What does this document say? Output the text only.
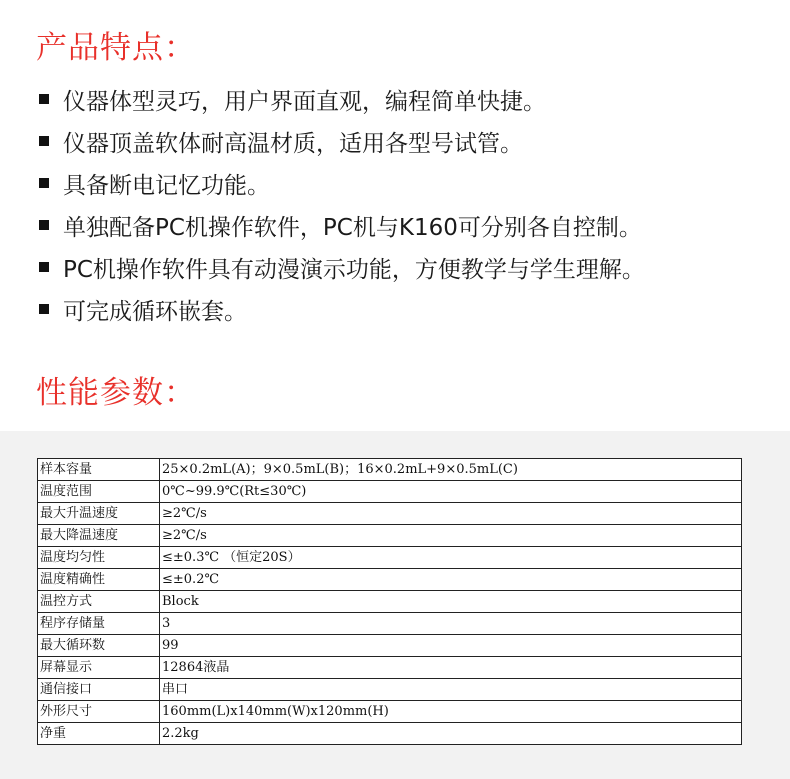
产品特点：
仪器体型灵巧，用户界面直观，编程简单快捷。
仪器顶盖软体耐高温材质，适用各型号试管。
具备断电记忆功能。
单独配备PC机操作软件，PC机与K160可分别各自控制。
PC机操作软件具有动漫演示功能，方便教学与学生理解。
可完成循环嵌套。
性能参数：
样本容量	25×0.2mL(A)；9×0.5mL(B)；16×0.2mL+9×0.5mL(C)
温度范围	0℃~99.9℃(Rt≤30℃)
最大升温速度	≥2℃/s
最大降温速度	≥2℃/s
温度均匀性	≤±0.3℃ （恒定20S）
温度精确性	≤±0.2℃
温控方式	Block
程序存储量	3
最大循环数	99
屏幕显示	12864液晶
通信接口	串口
外形尺寸	160mm(L)x140mm(W)x120mm(H)
净重	2.2kg
